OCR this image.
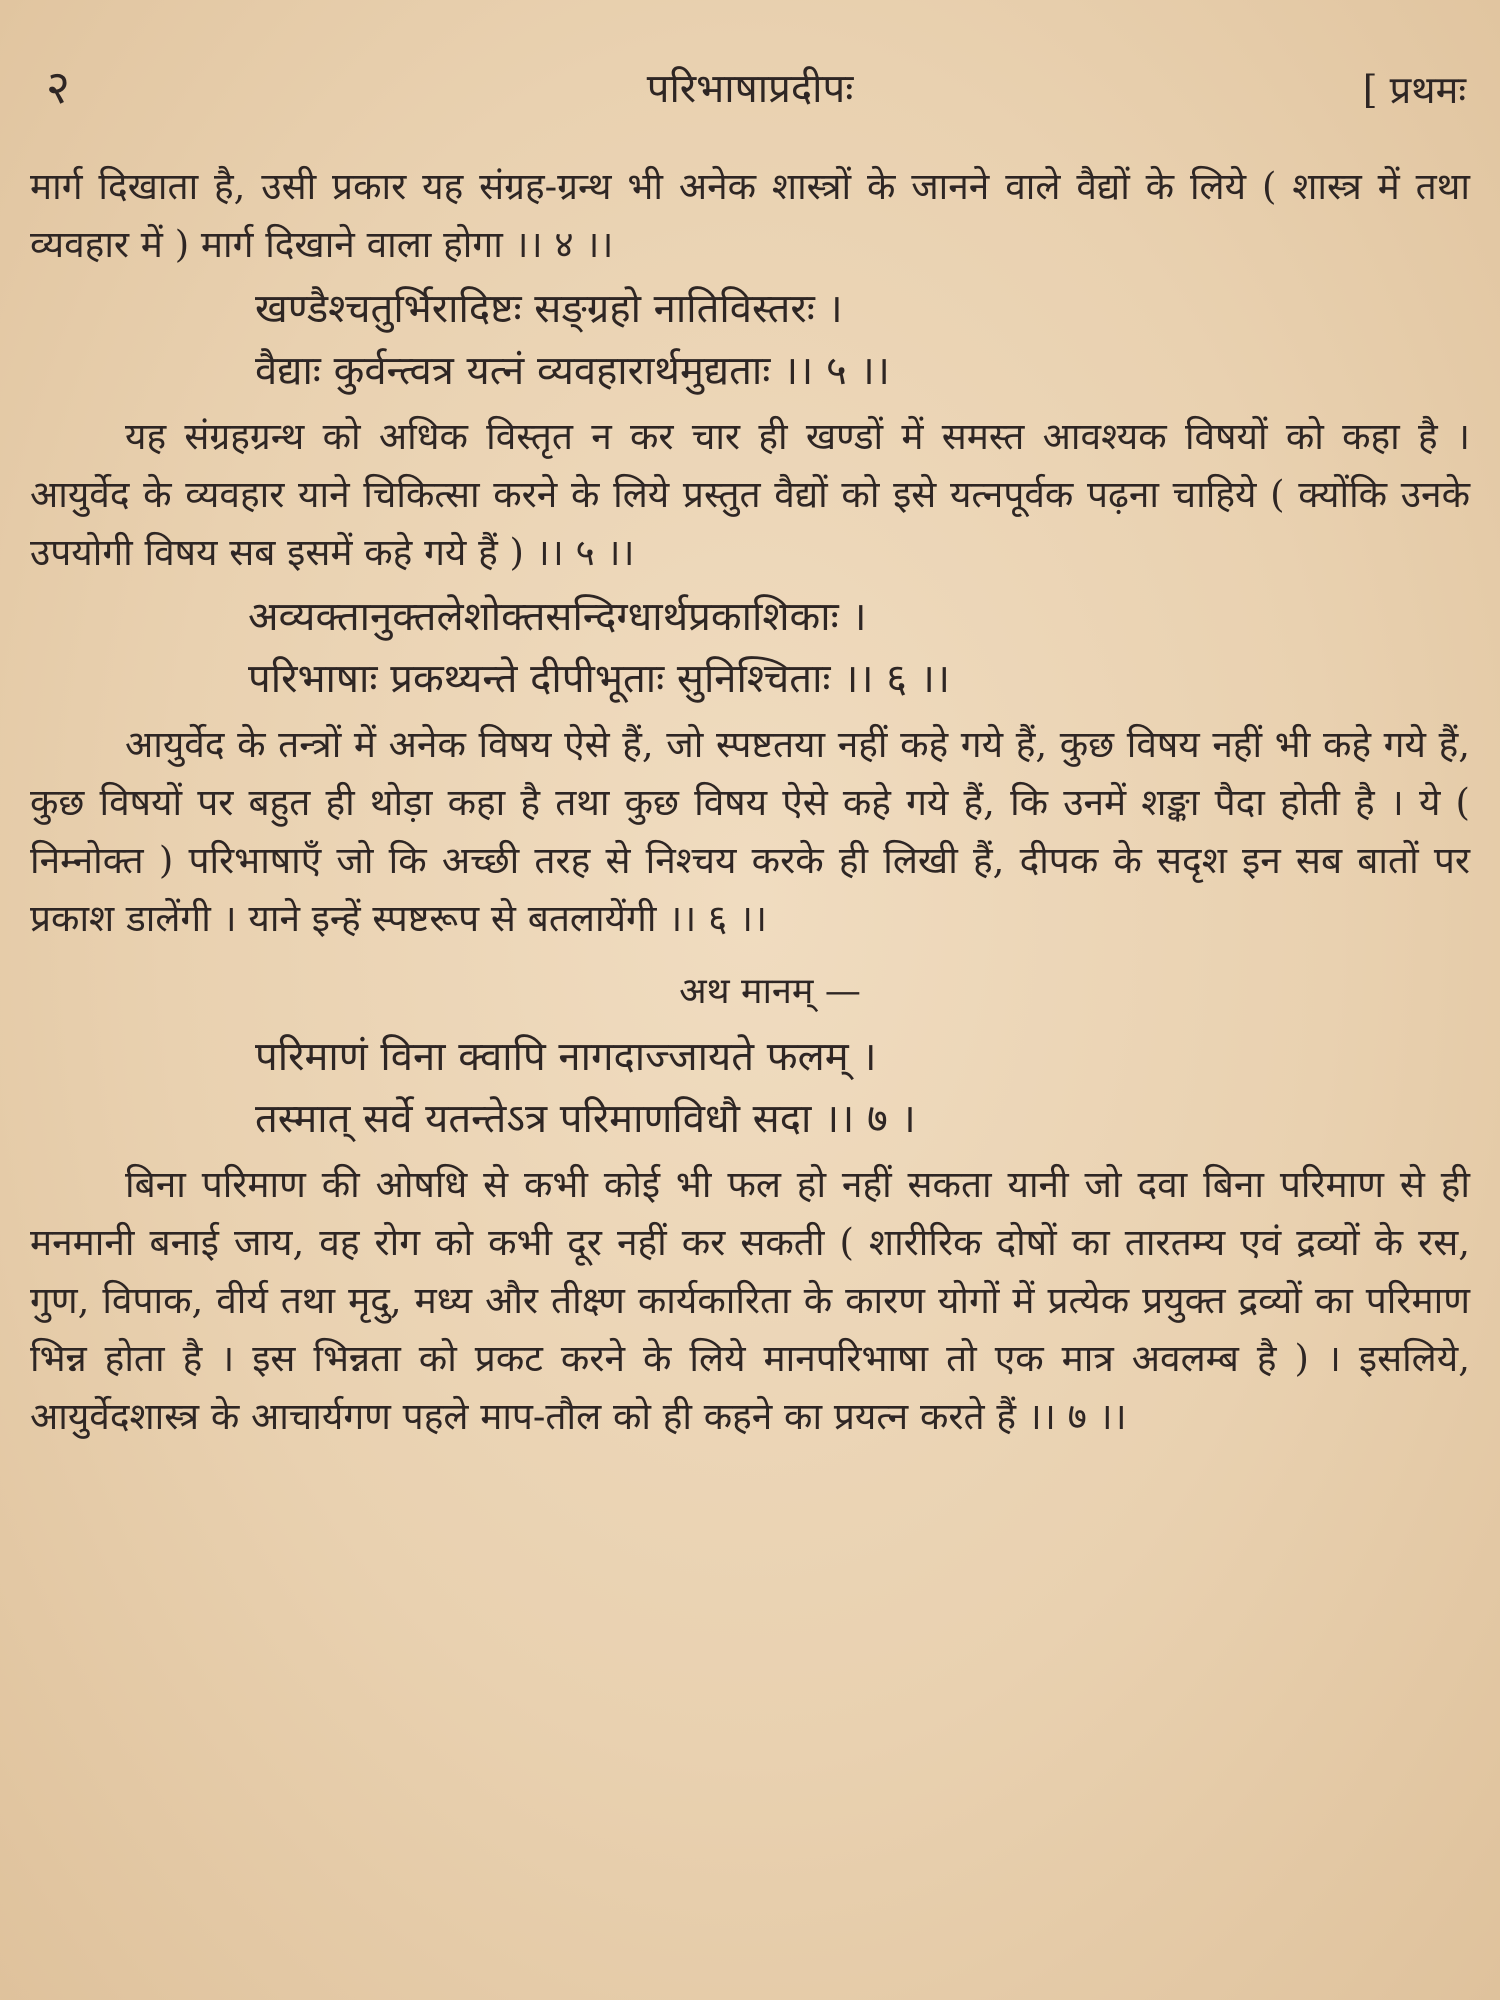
२	परिभाषाप्रदीपः	[ प्रथमः

मार्ग दिखाता है, उसी प्रकार यह संग्रह-ग्रन्थ भी अनेक शास्त्रों के जानने वाले वैद्यों के लिये ( शास्त्र में तथा व्यवहार में ) मार्ग दिखाने वाला होगा ।। ४ ।।

खण्डैश्चतुर्भिरादिष्टः सङ्ग्रहो नातिविस्तरः ।
वैद्याः कुर्वन्त्वत्र यत्नं व्यवहारार्थमुद्यताः ।। ५ ।।

यह संग्रहग्रन्थ को अधिक विस्तृत न कर चार ही खण्डों में समस्त आवश्यक विषयों को कहा है । आयुर्वेद के व्यवहार याने चिकित्सा करने के लिये प्रस्तुत वैद्यों को इसे यत्नपूर्वक पढ़ना चाहिये ( क्योंकि उनके उपयोगी विषय सब इसमें कहे गये हैं ) ।। ५ ।।

अव्यक्तानुक्तलेशोक्तसन्दिग्धार्थप्रकाशिकाः ।
परिभाषाः प्रकथ्यन्ते दीपीभूताः सुनिश्चिताः ।। ६ ।।

आयुर्वेद के तन्त्रों में अनेक विषय ऐसे हैं, जो स्पष्टतया नहीं कहे गये हैं, कुछ विषय नहीं भी कहे गये हैं, कुछ विषयों पर बहुत ही थोड़ा कहा है तथा कुछ विषय ऐसे कहे गये हैं, कि उनमें शङ्का पैदा होती है । ये ( निम्नोक्त ) परिभाषाएँ जो कि अच्छी तरह से निश्चय करके ही लिखी हैं, दीपक के सदृश इन सब बातों पर प्रकाश डालेंगी । याने इन्हें स्पष्टरूप से बतलायेंगी ।। ६ ।।

अथ मानम् —
परिमाणं विना क्वापि नागदाज्जायते फलम् ।
तस्मात् सर्वे यतन्तेऽत्र परिमाणविधौ सदा ।। ७ ।

बिना परिमाण की ओषधि से कभी कोई भी फल हो नहीं सकता यानी जो दवा बिना परिमाण से ही मनमानी बनाई जाय, वह रोग को कभी दूर नहीं कर सकती ( शारीरिक दोषों का तारतम्य एवं द्रव्यों के रस, गुण, विपाक, वीर्य तथा मृदु, मध्य और तीक्ष्ण कार्यकारिता के कारण योगों में प्रत्येक प्रयुक्त द्रव्यों का परिमाण भिन्न होता है । इस भिन्नता को प्रकट करने के लिये मानपरिभाषा तो एक मात्र अवलम्ब है ) । इसलिये, आयुर्वेदशास्त्र के आचार्यगण पहले माप-तौल को ही कहने का प्रयत्न करते हैं ।। ७ ।।
